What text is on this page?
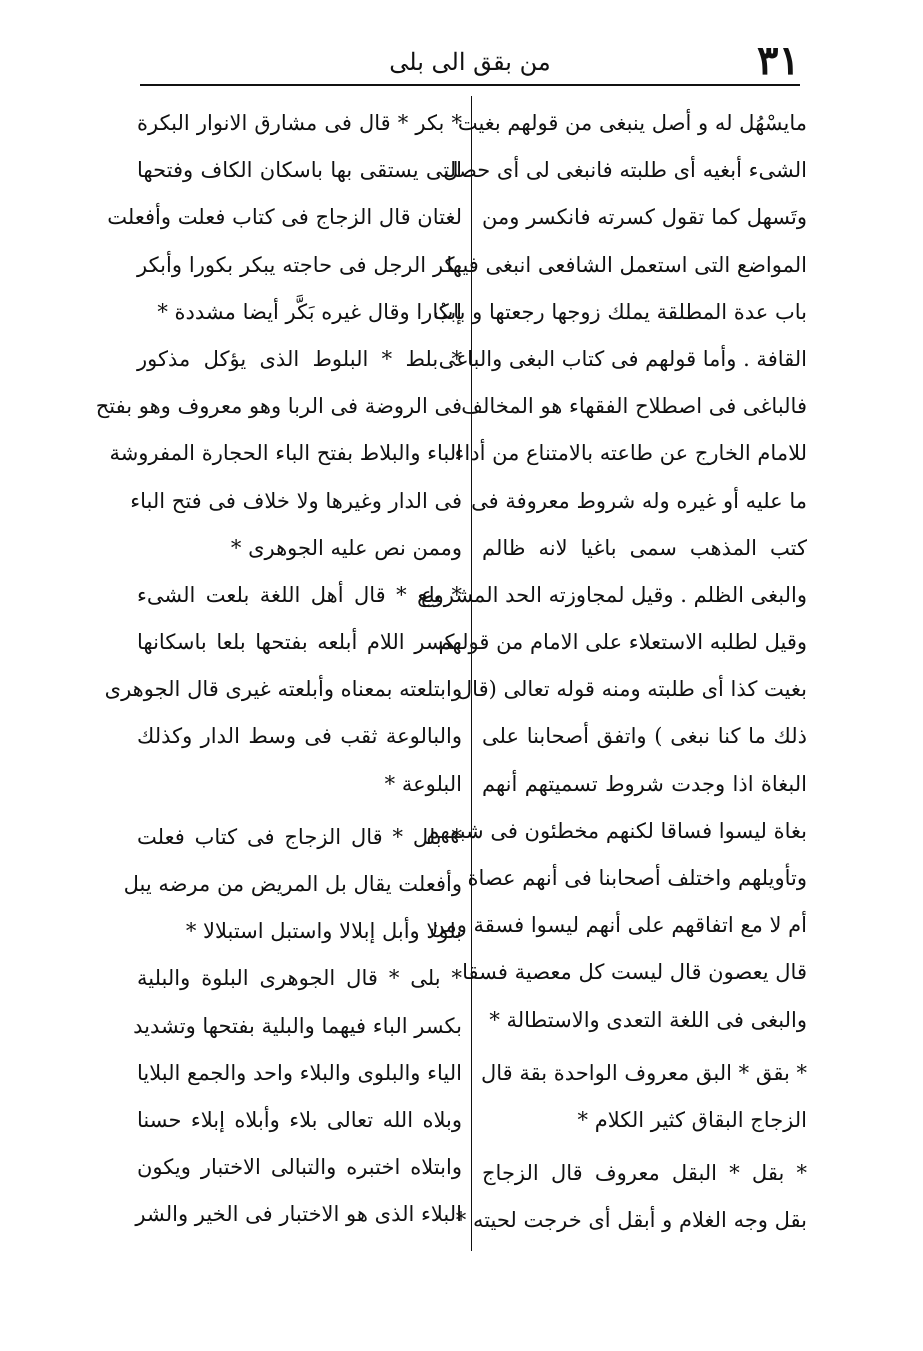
٣١
من بقق الى بلى
مايسْهُل له و أصل ينبغى من قولهم بغيت
الشىء أبغيه أى طلبته فانبغى لى أى حصل
وتَسهل كما تقول كسرته فانكسر ومن
المواضع التى استعمل الشافعى انبغى فيها
باب عدة المطلقة يملك زوجها رجعتها و بابُ
القافة . وأما قولهم فى كتاب البغى والباغى
فالباغى فى اصطلاح الفقهاء هو المخالف
للامام الخارج عن طاعته بالامتناع من أداء
ما عليه أو غيره وله شروط معروفة فى
كتب المذهب سمى باغيا لانه ظالم
والبغى الظلم . وقيل لمجاوزته الحد المشروع
وقيل لطلبه الاستعلاء على الامام من قولهم
بغيت كذا أى طلبته ومنه قوله تعالى (قال
ذلك ما كنا نبغى ) واتفق أصحابنا على
البغاة اذا وجدت شروط تسميتهم أنهم
بغاة ليسوا فساقا لكنهم مخطئون فى شبههم
وتأويلهم واختلف أصحابنا فى أنهم عصاة
أم لا مع اتفاقهم على أنهم ليسوا فسقة ومن
قال يعصون قال ليست كل معصية فسقا
والبغى فى اللغة التعدى والاستطالة *
* بقق * البق معروف الواحدة بقة قال
الزجاج البقاق كثير الكلام *
* بقل * البقل معروف قال الزجاج
بقل وجه الغلام و أبقل أى خرجت لحيته *
* بكر * قال فى مشارق الانوار البكرة
التى يستقى بها باسكان الكاف وفتحها
لغتان قال الزجاج فى كتاب فعلت وأفعلت
بكر الرجل فى حاجته يبكر بكورا وأبكر
إبكارا وقال غيره بَكَّر أيضا مشددة *
* بلط * البلوط الذى يؤكل مذكور
فى الروضة فى الربا وهو معروف وهو بفتح
الباء والبلاط بفتح الباء الحجارة المفروشة
فى الدار وغيرها ولا خلاف فى فتح الباء
وممن نص عليه الجوهرى *
* بلع * قال أهل اللغة بلعت الشىء
بكسر اللام أبلعه بفتحها بلعا باسكانها
وابتلعته بمعناه وأبلعته غيرى قال الجوهرى
والبالوعة ثقب فى وسط الدار وكذلك
البلوعة *
* بلل * قال الزجاج فى كتاب فعلت
وأفعلت يقال بل المريض من مرضه يبل
بلولا وأبل إبلالا واستبل استبلالا *
* بلى * قال الجوهرى البلوة والبلية
بكسر الباء فيهما والبلية بفتحها وتشديد
الياء والبلوى والبلاء واحد والجمع البلايا
وبلاه الله تعالى بلاء وأبلاه إبلاء حسنا
وابتلاه اختبره والتبالى الاختبار ويكون
البلاء الذى هو الاختبار فى الخير والشر
